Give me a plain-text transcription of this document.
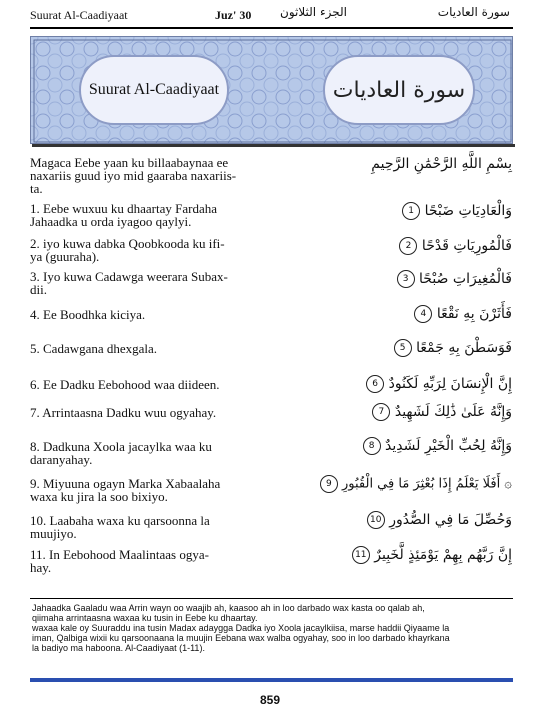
Suurat Al-Caadiyaat	Juz' 30 الجزء الثلاثون	سورة العاديات
Suurat Al-Caadiyaat	سورة العاديات
Magaca Eebe yaan ku billaabaynaa ee
naxariis guud iyo mid gaaraba naxariis-
ta.
بِسْمِ اللَّهِ الرَّحْمَٰنِ الرَّحِيمِ
1. Eebe wuxuu ku dhaartay Fardaha
Jahaadka u orda iyagoo qaylyi.
وَالْعَادِيَاتِ ضَبْحًا 1
2. iyo kuwa dabka Qoobkooda ku ifi-
ya (guuraha).
فَالْمُورِيَاتِ قَدْحًا 2
3. Iyo kuwa Cadawga weerara Subax-
dii.
فَالْمُغِيرَاتِ صُبْحًا 3
4. Ee Boodhka kiciya.	فَأَثَرْنَ بِهِ نَقْعًا 4
5. Cadawgana dhexgala.	فَوَسَطْنَ بِهِ جَمْعًا 5
6. Ee Dadku Eebohood waa diideen.	إِنَّ الْإِنسَانَ لِرَبِّهِ لَكَنُودٌ 6
7. Arrintaasna Dadku wuu ogyahay.	وَإِنَّهُ عَلَىٰ ذَٰلِكَ لَشَهِيدٌ 7
8. Dadkuna Xoola jacaylka waa ku
daranyahay.
وَإِنَّهُ لِحُبِّ الْخَيْرِ لَشَدِيدٌ 8
9. Miyuuna ogayn Marka Xabaalaha
waxa ku jira la soo bixiyo.
۞ أَفَلَا يَعْلَمُ إِذَا بُعْثِرَ مَا فِي الْقُبُورِ 9
10. Laabaha waxa ku qarsoonna la
muujiyo.
وَحُصِّلَ مَا فِي الصُّدُورِ 10
11. In Eebohood Maalintaas ogya-
hay.
إِنَّ رَبَّهُم بِهِمْ يَوْمَئِذٍ لَّخَبِيرٌ 11

Jahaadka Gaaladu waa Arrin wayn oo waajib ah, kaasoo ah in loo darbado wax kasta oo qalab ah,

qiimaha arrintaasna waxaa ku tusin in Eebe ku dhaartay.

waxaa kale oy Suuraddu ina tusin Madax adaygga Dadka iyo Xoola jacaylkiisa, marse haddii Qiyaame la

iman, Qalbiga wixii ku qarsoonaana la muujin Eebana wax walba ogyahay, soo in loo darbado khayrkana

la badiyo ma haboona. Al-Caadiyaat (1-11).

859
